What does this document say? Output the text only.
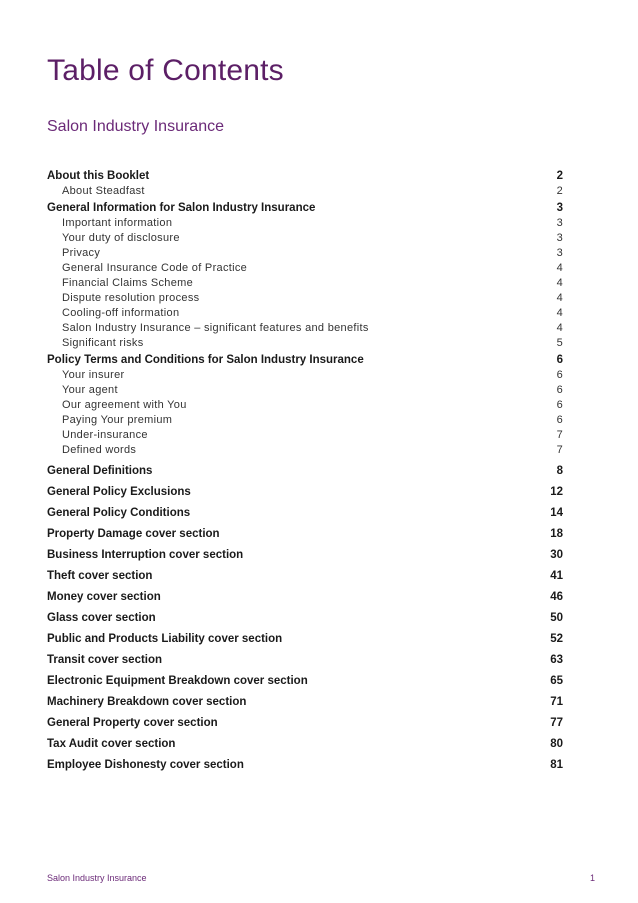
Table of Contents
Salon Industry Insurance
About this Booklet	2
About Steadfast	2
General Information for Salon Industry Insurance	3
Important information	3
Your duty of disclosure	3
Privacy	3
General Insurance Code of Practice	4
Financial Claims Scheme	4
Dispute resolution process	4
Cooling-off information	4
Salon Industry Insurance – significant features and benefits	4
Significant risks	5
Policy Terms and Conditions for Salon Industry Insurance	6
Your insurer	6
Your agent	6
Our agreement with You	6
Paying Your premium	6
Under-insurance	7
Defined words	7
General Definitions	8
General Policy Exclusions	12
General Policy Conditions	14
Property Damage cover section	18
Business Interruption cover section	30
Theft cover section	41
Money cover section	46
Glass cover section	50
Public and Products Liability cover section	52
Transit cover section	63
Electronic Equipment Breakdown cover section	65
Machinery Breakdown cover section	71
General Property cover section	77
Tax Audit cover section	80
Employee Dishonesty cover section	81
Salon Industry Insurance	1
